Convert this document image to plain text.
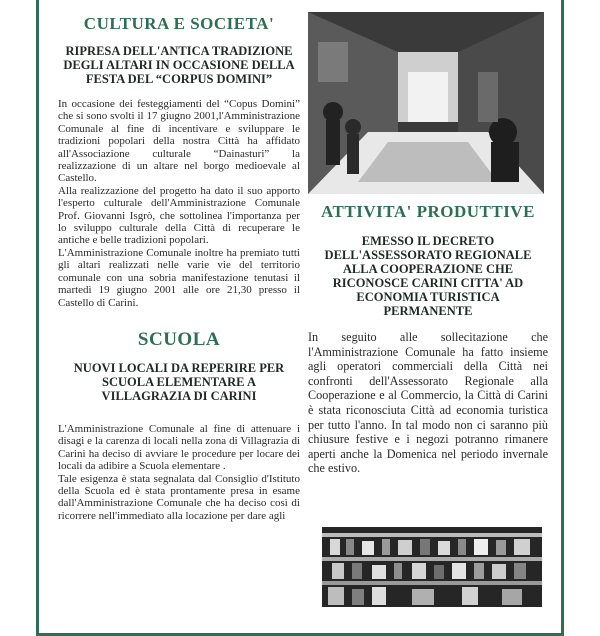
CULTURA E SOCIETA'
RIPRESA DELL'ANTICA TRADIZIONE DEGLI ALTARI IN OCCASIONE DELLA FESTA DEL “CORPUS DOMINI”

In occasione dei festeggiamenti del “Copus Domini” che si sono svolti il 17 giugno 2001,l'Amministrazione Comunale al fine di incentivare e sviluppare le tradizioni popolari della nostra Città ha affidato all'Associazione culturale “Dainasturi” la realizzazione di un altare nel borgo medioevale al Castello.

Alla realizzazione del progetto ha dato il suo apporto l'esperto culturale dell'Amministrazione Comunale Prof. Giovanni Isgrò, che sottolinea l'importanza per lo sviluppo culturale della Città di recuperare le antiche e belle tradizioni popolari.

L'Amministrazione Comunale inoltre ha premiato tutti gli altari realizzati nelle varie vie del territorio comunale con una sobria manifestazione tenutasi il martedì 19 giugno 2001 alle ore 21,30 presso il Castello di Carini.

SCUOLA
NUOVI LOCALI DA REPERIRE PER SCUOLA ELEMENTARE A VILLAGRAZIA DI CARINI

L'Amministrazione Comunale al fine di attenuare i disagi e la carenza di locali nella zona di Villagrazia di Carini ha deciso di avviare le procedure per locare dei locali da adibire a Scuola elementare .

Tale esigenza è stata segnalata dal Consiglio d'Istituto della Scuola ed è stata prontamente presa in esame dall'Amministrazione Comunale che ha deciso così di ricorrere nell'immediato alla locazione per dare agli

ATTIVITA' PRODUTTIVE
EMESSO IL DECRETO DELL'ASSESSORATO REGIONALE ALLA COOPERAZIONE CHE RICONOSCE CARINI CITTA' AD ECONOMIA TURISTICA PERMANENTE

In seguito alle sollecitazione che l'Amministrazione Comunale ha fatto insieme agli operatori commerciali della Città nei confronti dell'Assessorato Regionale alla Cooperazione e al Commercio, la Città di Carini è stata riconosciuta Città ad economia turistica per tutto l'anno. In tal modo non ci saranno più chiusure festive e i negozi potranno rimanere aperti anche la Domenica nel periodo invernale che estivo.
